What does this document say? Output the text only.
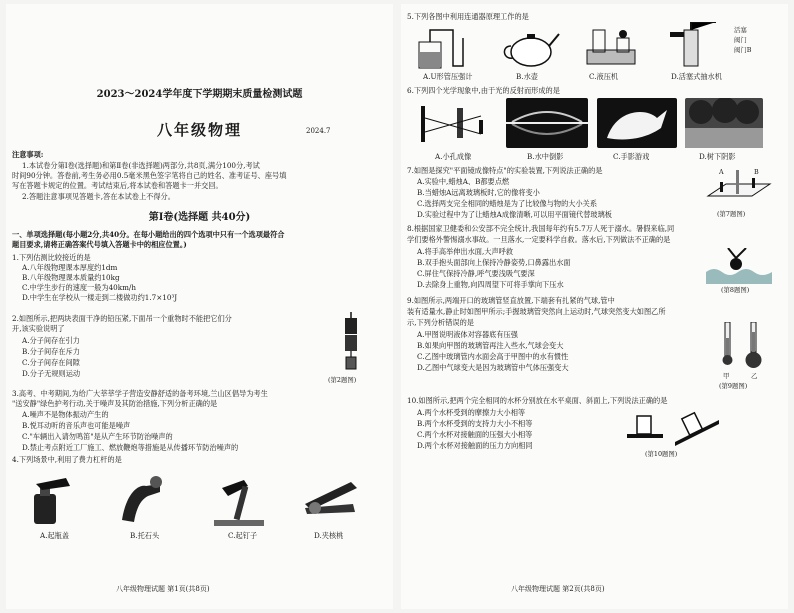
2023～2024学年度下学期期末质量检测试题
八年级物理	2024.7
注意事项:
1.本试卷分第Ⅰ卷(选择题)和第Ⅱ卷(非选择题)两部分,共8页,满分100分,考试
时间90分钟。答卷前,考生务必用0.5毫米黑色签字笔将自己的姓名、准考证号、座号填
写在答题卡规定的位置。考试结束后,将本试卷和答题卡一并交回。
2.答题注意事项见答题卡,答在本试卷上不得分。
第Ⅰ卷(选择题 共40分)
一、单项选择题(每小题2分,共40分。在每小题给出的四个选项中只有一个选项最符合
题目要求,请将正确答案代号填入答题卡中的相应位置。)
1.下列估测比较接近的是
A.八年级物理课本厚度约1dm
B.八年级物理课本质量约10kg
C.中学生步行的速度一般为40km/h
D.中学生在学校从一楼走到二楼做功约1.7×10³J
2.如图所示,把两块表面干净的铅压紧,下面吊一个重物时不能把它们分
开,该实验说明了
A.分子间存在引力
B.分子间存在斥力
C.分子间存在间隙
D.分子无规则运动
(第2题图)
3.高考、中考期间,为给广大莘莘学子营造安静舒适的备考环境,兰山区倡导为考生
"送安静"绿色护考行动,关于噪声及其防治措施,下列分析正确的是
A.噪声不是物体振动产生的
B.悦耳动听的音乐声也可能是噪声
C."车辆出入请勿鸣笛"是从产生环节防治噪声的
D.禁止考点附近工厂施工、燃放鞭炮等措施是从传播环节防治噪声的
4.下列场景中,利用了费力杠杆的是
A.起瓶盖	B.托石头	C.起钉子	D.夹核桃
八年级物理试题 第1页(共8页)
5.下列各图中利用连通器原理工作的是
活塞
阀门
阀门B
A.U形管压强计	B.水壶	C.液压机	D.活塞式抽水机
6.下列四个光学现象中,由于光的反射而形成的是
A.小孔成像	B.水中倒影	C.手影游戏	D.树下阴影
7.如图是探究"平面镜成像特点"的实验装置,下列说法正确的是
A.实验中,蜡烛A、B都要点燃
B.当蜡烛A远离玻璃板时,它的像将变小
C.选择两支完全相同的蜡烛是为了比较像与物的大小关系
D.实验过程中为了让蜡烛A成像清晰,可以用平面镜代替玻璃板
A	B
(第7题图)
8.根据国家卫健委和公安部不完全统计,我国每年约有5.7万人死于溺水。暑假来临,同
学们要格外警惕溺水事故。一旦落水,一定要科学自救。落水后,下列做法不正确的是
A.将手高举伸出水面,大声呼救
B.双手抱头面部向上保持冷静姿势,口鼻露出水面
C.屏住气保持冷静,呼气要浅吸气要深
D.去除身上重物,向四周望下可将手掌向下压水
(第8题图)
9.如图所示,两端开口的玻璃管竖直放置,下端套有扎紧的气球,管中
装有适量水,静止时如图甲所示;手握玻璃管突然向上运动时,气球突然变大如图乙所
示,下列分析错误的是
A.甲图说明液体对容器底有压强
B.如果向甲图的玻璃管再注入些水,气球会变大
C.乙图中玻璃管内水面会高于甲图中的水有惯性
D.乙图中气球变大是因为玻璃管中气体压强变大
甲	乙
(第9题图)
10.如图所示,把两个完全相同的水杯分别放在水平桌面、斜面上,下列说法正确的是
A.两个水杯受到的摩擦力大小相等
B.两个水杯受到的支持力大小不相等
C.两个水杯对接触面的压强大小相等
D.两个水杯对接触面的压力方向相同
(第10题图)
八年级物理试题 第2页(共8页)
